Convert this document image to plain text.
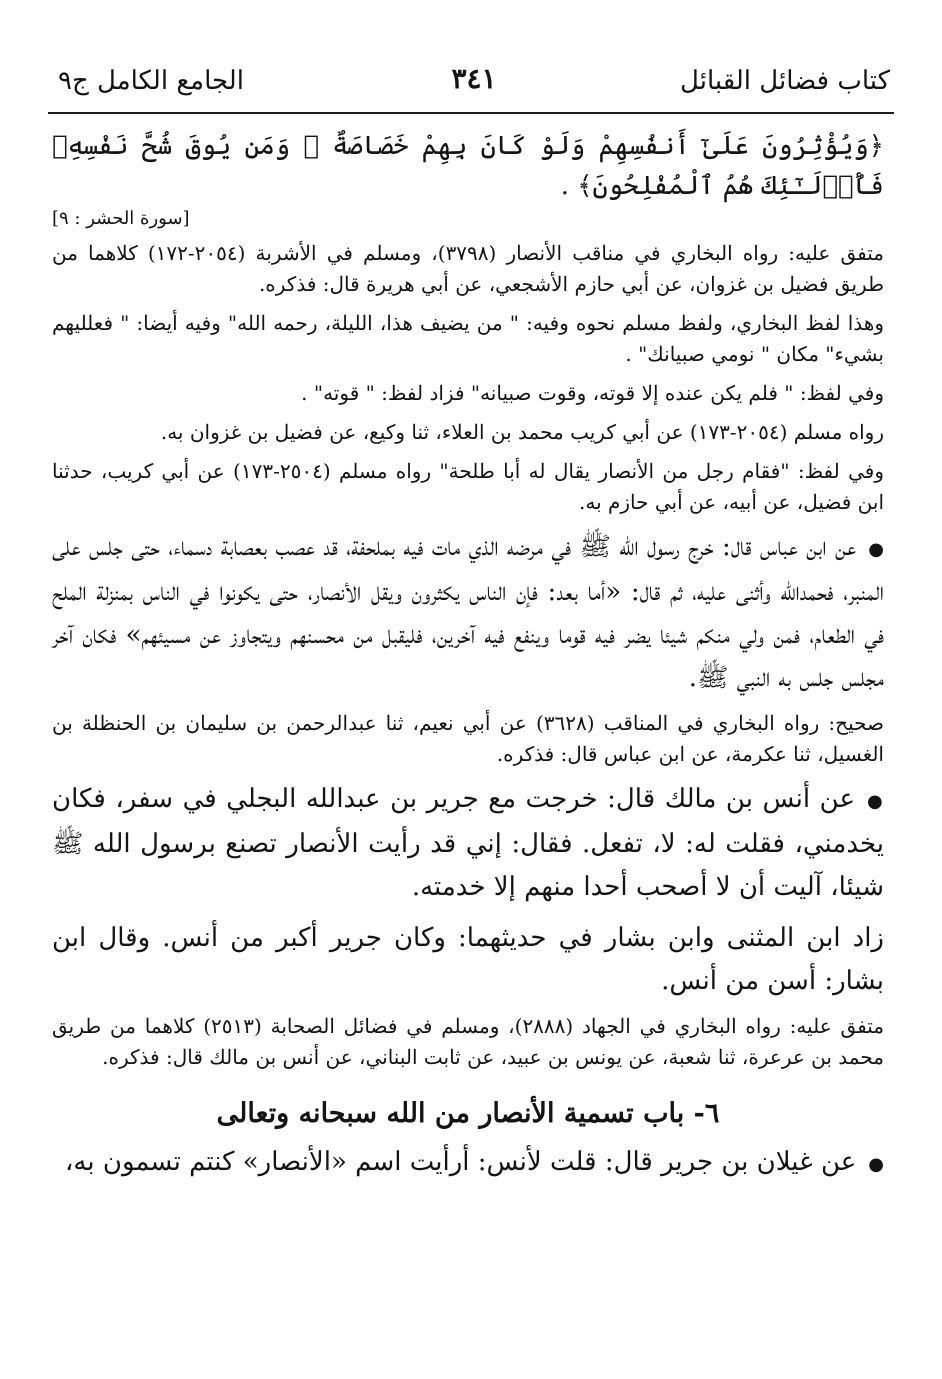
كتاب فضائل القبائل
٣٤١
الجامع الكامل ج٩
﴿وَيُؤْثِرُونَ عَلَىٰٓ أَنفُسِهِمْ وَلَوْ كَانَ بِهِمْ خَصَاصَةٌ ۚ وَمَن يُوقَ شُحَّ نَفْسِهِۦ فَأُو۟لَـٰٓئِكَ هُمُ ٱلْمُفْلِحُونَ﴾ .
[سورة الحشر : ٩]

متفق عليه: رواه البخاري في مناقب الأنصار (٣٧٩٨)، ومسلم في الأشربة (٢٠٥٤-١٧٢) كلاهما من طريق فضيل بن غزوان، عن أبي حازم الأشجعي، عن أبي هريرة قال: فذكره.

وهذا لفظ البخاري، ولفظ مسلم نحوه وفيه: " من يضيف هذا، الليلة، رحمه الله" وفيه أيضا: " فعلليهم بشيء" مكان " نومي صبيانك" .

وفي لفظ: " فلم يكن عنده إلا قوته، وقوت صبيانه" فزاد لفظ: " قوته" .

رواه مسلم (٢٠٥٤-١٧٣) عن أبي كريب محمد بن العلاء، ثنا وكيع، عن فضيل بن غزوان به.

وفي لفظ: "فقام رجل من الأنصار يقال له أبا طلحة" رواه مسلم (٢٥٠٤-١٧٣) عن أبي كريب، حدثنا ابن فضيل، عن أبيه، عن أبي حازم به.

●عن ابن عباس قال: خرج رسول الله ﷺ في مرضه الذي مات فيه بملحفة، قد عصب بعصابة دسماء، حتى جلس على المنبر، فحمدالله وأثنى عليه، ثم قال: «أما بعد: فإن الناس يكثرون ويقل الأنصار، حتى يكونوا في الناس بمنزلة الملح في الطعام، فمن ولي منكم شيئا يضر فيه قوما وينفع فيه آخرين، فليقبل من محسنهم ويتجاوز عن مسيئهم» فكان آخر مجلس جلس به النبي ﷺ.

صحيح: رواه البخاري في المناقب (٣٦٢٨) عن أبي نعيم، ثنا عبدالرحمن بن سليمان بن الحنظلة بن الغسيل، ثنا عكرمة، عن ابن عباس قال: فذكره.

●عن أنس بن مالك قال: خرجت مع جرير بن عبدالله البجلي في سفر، فكان يخدمني، فقلت له: لا، تفعل. فقال: إني قد رأيت الأنصار تصنع برسول الله ﷺ شيئا، آليت أن لا أصحب أحدا منهم إلا خدمته.

زاد ابن المثنى وابن بشار في حديثهما: وكان جرير أكبر من أنس. وقال ابن بشار: أسن من أنس.

متفق عليه: رواه البخاري في الجهاد (٢٨٨٨)، ومسلم في فضائل الصحابة (٢٥١٣) كلاهما من طريق محمد بن عرعرة، ثنا شعبة، عن يونس بن عبيد، عن ثابت البناني، عن أنس بن مالك قال: فذكره.

٦- باب تسمية الأنصار من الله سبحانه وتعالى

●عن غيلان بن جرير قال: قلت لأنس: أرأيت اسم «الأنصار» كنتم تسمون به،
